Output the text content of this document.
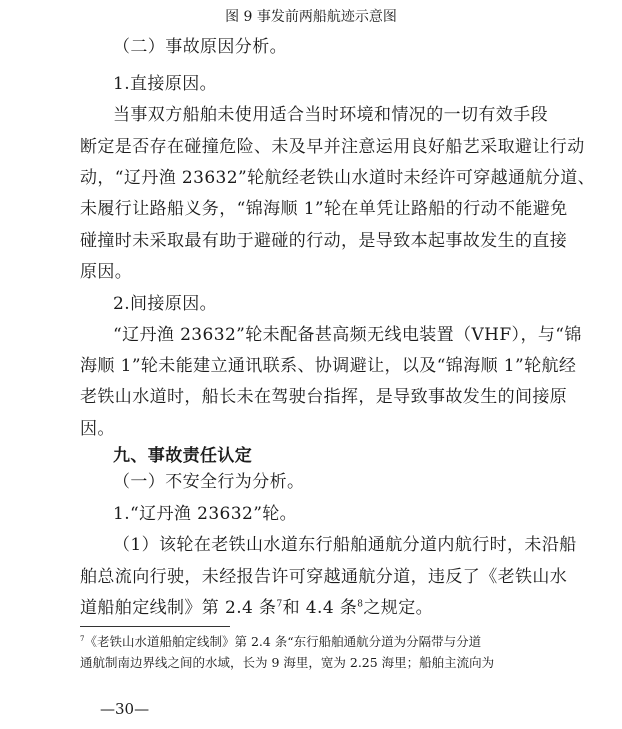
图 9 事发前两船航迹示意图
（二）事故原因分析。
1.直接原因。
当事双方船舶未使用适合当时环境和情况的一切有效手段
断定是否存在碰撞危险、未及早并注意运用良好船艺采取避让行动
动，“辽丹渔 23632”轮航经老铁山水道时未经许可穿越通航分道、
未履行让路船义务，“锦海顺 1”轮在单凭让路船的行动不能避免
碰撞时未采取最有助于避碰的行动，是导致本起事故发生的直接
原因。
2.间接原因。
“辽丹渔 23632”轮未配备甚高频无线电装置（VHF），与“锦
海顺 1”轮未能建立通讯联系、协调避让，以及“锦海顺 1”轮航经
老铁山水道时，船长未在驾驶台指挥，是导致事故发生的间接原
因。
九、事故责任认定
（一）不安全行为分析。
1.“辽丹渔 23632”轮。
（1）该轮在老铁山水道东行船舶通航分道内航行时，未沿船
舶总流向行驶，未经报告许可穿越通航分道，违反了《老铁山水
道船舶定线制》第 2.4 条$^7$和 4.4 条$^8$之规定。
$^7$《老铁山水道船舶定线制》第 2.4 条“东行船舶通航分道为分隔带与分道
通航制南边界线之间的水域，长为 9 海里，宽为 2.25 海里；船舶主流向为
—30—
